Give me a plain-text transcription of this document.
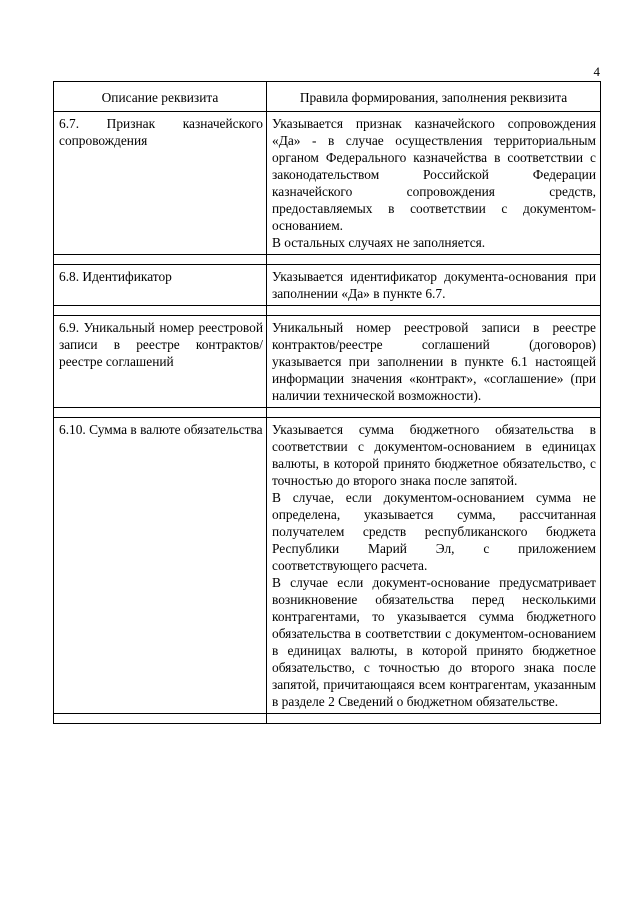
4
Описание реквизита	Правила формирования, заполнения реквизита

6.7. Признак казначейского сопровождения	Указывается признак казначейского сопровождения «Да» - в случае осуществления территориальным органом Федерального казначейства в соответствии с законодательством Российской Федерации казначейского сопровождения средств, предоставляемых в соответствии с документом-основанием.

В остальных случаях не заполняется.

6.8. Идентификатор	Указывается идентификатор документа-основания при заполнении «Да» в пункте 6.7.

6.9. Уникальный номер реестровой записи в реестре контрактов/реестре соглашений	Уникальный номер реестровой записи в реестре контрактов/реестре соглашений (договоров) указывается при заполнении в пункте 6.1 настоящей информации значения «контракт», «соглашение» (при наличии технической возможности).

6.10. Сумма в валюте обязательства	Указывается сумма бюджетного обязательства в соответствии с документом-основанием в единицах валюты, в которой принято бюджетное обязательство, с точностью до второго знака после запятой.

В случае, если документом-основанием сумма не определена, указывается сумма, рассчитанная получателем средств республиканского бюджета Республики Марий Эл, с приложением соответствующего расчета.

В случае если документ-основание предусматривает возникновение обязательства перед несколькими контрагентами, то указывается сумма бюджетного обязательства в соответствии с документом-основанием в единицах валюты, в которой принято бюджетное обязательство, с точностью до второго знака после запятой, причитающаяся всем контрагентам, указанным в разделе 2 Сведений о бюджетном обязательстве.
